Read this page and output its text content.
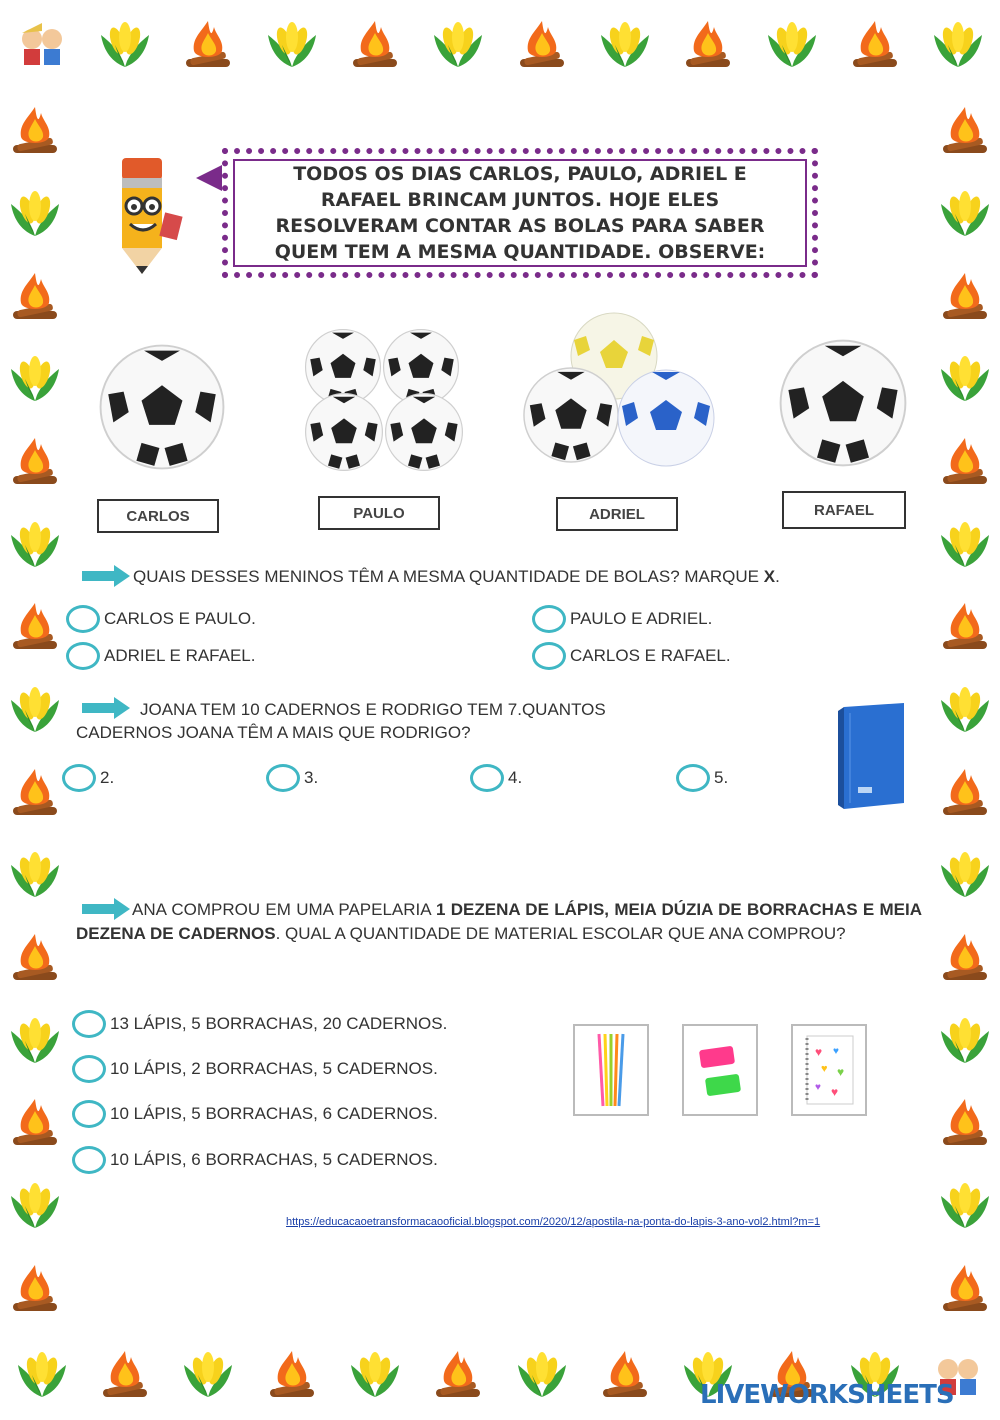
TODOS OS DIAS CARLOS, PAULO, ADRIEL E RAFAEL BRINCAM JUNTOS. HOJE ELES RESOLVERAM CONTAR AS BOLAS PARA SABER QUEM TEM A MESMA QUANTIDADE. OBSERVE:
CARLOS	PAULO	ADRIEL	RAFAEL
QUAIS DESSES MENINOS TÊM A MESMA QUANTIDADE DE BOLAS? MARQUE X.
CARLOS E PAULO.	PAULO E ADRIEL.
ADRIEL E RAFAEL.	CARLOS E RAFAEL.
JOANA TEM 10 CADERNOS E RODRIGO TEM 7.QUANTOS
CADERNOS JOANA TÊM A MAIS QUE RODRIGO?
2.	3.	4.	5.
ANA COMPROU EM UMA PAPELARIA 1 DEZENA DE LÁPIS, MEIA DÚZIA DE BORRACHAS E MEIA DEZENA DE CADERNOS. QUAL A QUANTIDADE DE MATERIAL ESCOLAR QUE ANA COMPROU?
13 LÁPIS, 5 BORRACHAS, 20 CADERNOS.
10 LÁPIS, 2 BORRACHAS, 5 CADERNOS.
10 LÁPIS, 5 BORRACHAS, 6 CADERNOS.
10 LÁPIS, 6 BORRACHAS, 5 CADERNOS.
♥ ♥
♥ ♥
♥ ♥
https://educacaoetransformacaooficial.blogspot.com/2020/12/apostila-na-ponta-do-lapis-3-ano-vol2.html?m=1
LIVEWORKSHEETS
